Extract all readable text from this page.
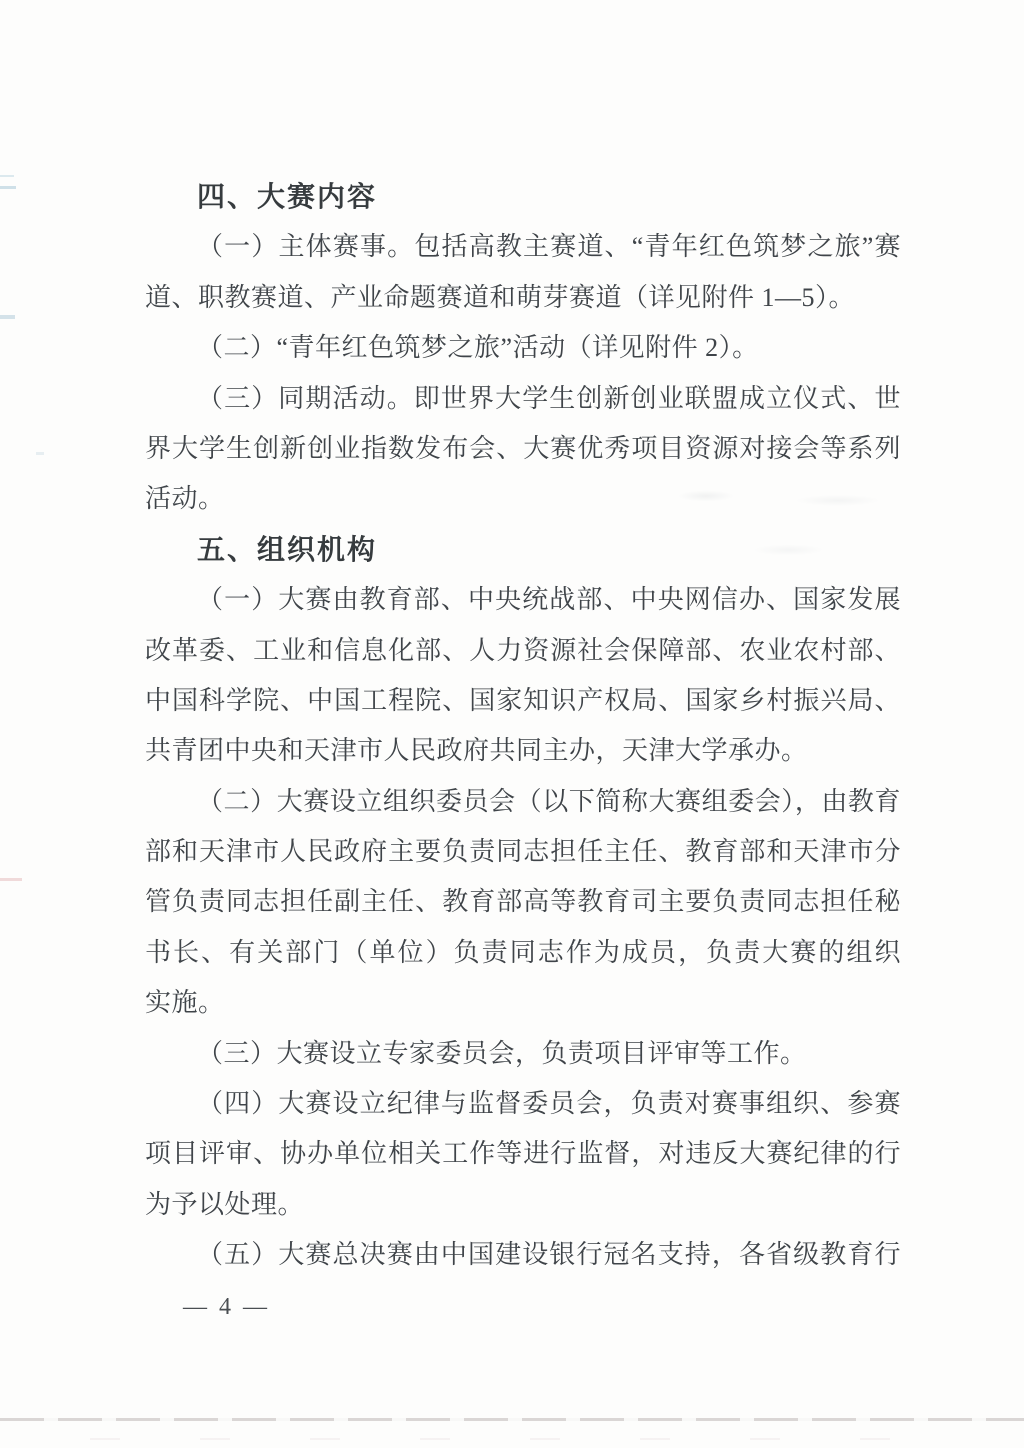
四、大赛内容
（一）主体赛事。包括高教主赛道、“青年红色筑梦之旅”赛
道、职教赛道、产业命题赛道和萌芽赛道（详见附件 1—5）。
（二）“青年红色筑梦之旅”活动（详见附件 2）。
（三）同期活动。即世界大学生创新创业联盟成立仪式、世
界大学生创新创业指数发布会、大赛优秀项目资源对接会等系列
活动。
五、组织机构
（一）大赛由教育部、中央统战部、中央网信办、国家发展
改革委、工业和信息化部、人力资源社会保障部、农业农村部、
中国科学院、中国工程院、国家知识产权局、国家乡村振兴局、
共青团中央和天津市人民政府共同主办，天津大学承办。
（二）大赛设立组织委员会（以下简称大赛组委会），由教育
部和天津市人民政府主要负责同志担任主任、教育部和天津市分
管负责同志担任副主任、教育部高等教育司主要负责同志担任秘
书长、有关部门（单位）负责同志作为成员，负责大赛的组织
实施。
（三）大赛设立专家委员会，负责项目评审等工作。
（四）大赛设立纪律与监督委员会，负责对赛事组织、参赛
项目评审、协办单位相关工作等进行监督，对违反大赛纪律的行
为予以处理。
（五）大赛总决赛由中国建设银行冠名支持，各省级教育行
— 4 —
